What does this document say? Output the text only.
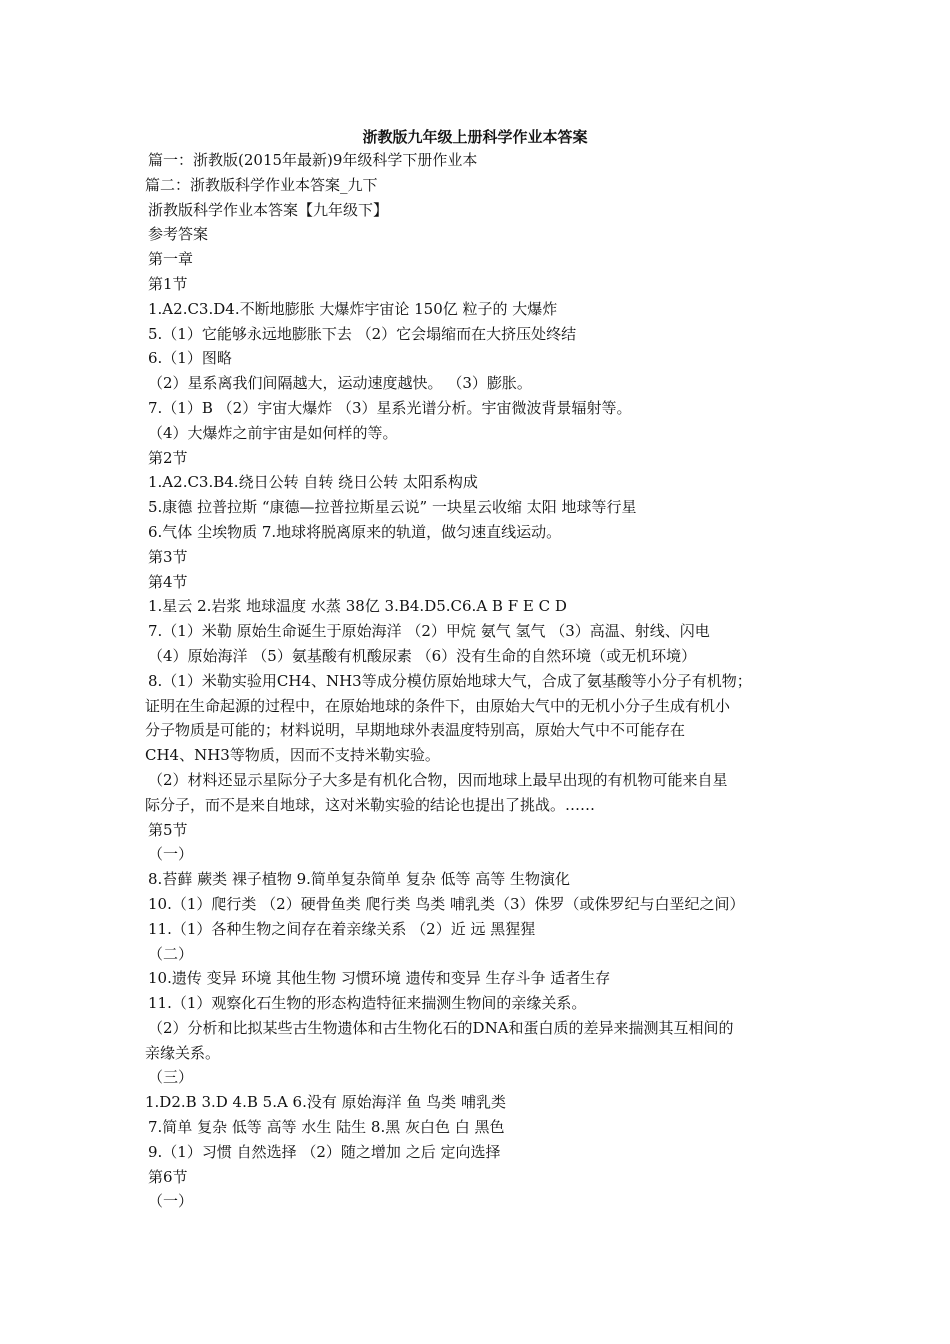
浙教版九年级上册科学作业本答案
篇一：浙教版(2015年最新)9年级科学下册作业本
篇二：浙教版科学作业本答案_九下
浙教版科学作业本答案【九年级下】
参考答案
第一章
第1节
1.A2.C3.D4.不断地膨胀 大爆炸宇宙论 150亿 粒子的 大爆炸
5.（1）它能够永远地膨胀下去 （2）它会塌缩而在大挤压处终结
6.（1）图略
（2）星系离我们间隔越大，运动速度越快。 （3）膨胀。
7.（1）B （2）宇宙大爆炸 （3）星系光谱分析。宇宙微波背景辐射等。
（4）大爆炸之前宇宙是如何样的等。
第2节
1.A2.C3.B4.绕日公转 自转 绕日公转 太阳系构成
5.康德 拉普拉斯 “康德—拉普拉斯星云说” 一块星云收缩 太阳 地球等行星
6.气体 尘埃物质 7.地球将脱离原来的轨道，做匀速直线运动。
第3节
第4节
1.星云 2.岩浆 地球温度 水蒸 38亿 3.B4.D5.C6.A B F E C D
7.（1）米勒 原始生命诞生于原始海洋 （2）甲烷 氨气 氢气 （3）高温、射线、闪电
（4）原始海洋 （5）氨基酸有机酸尿素 （6）没有生命的自然环境（或无机环境）
8.（1）米勒实验用CH4、NH3等成分模仿原始地球大气，合成了氨基酸等小分子有机物；
证明在生命起源的过程中，在原始地球的条件下，由原始大气中的无机小分子生成有机小
分子物质是可能的；材料说明，早期地球外表温度特别高，原始大气中不可能存在
CH4、NH3等物质，因而不支持米勒实验。
（2）材料还显示星际分子大多是有机化合物，因而地球上最早出现的有机物可能来自星
际分子，而不是来自地球，这对米勒实验的结论也提出了挑战。……
第5节
（一）
8.苔藓 蕨类 裸子植物 9.简单复杂简单 复杂 低等 高等 生物演化
10.（1）爬行类 （2）硬骨鱼类 爬行类 鸟类 哺乳类（3）侏罗（或侏罗纪与白垩纪之间）
11.（1）各种生物之间存在着亲缘关系 （2）近 远 黑猩猩
（二）
10.遗传 变异 环境 其他生物 习惯环境 遗传和变异 生存斗争 适者生存
11.（1）观察化石生物的形态构造特征来揣测生物间的亲缘关系。
（2）分析和比拟某些古生物遗体和古生物化石的DNA和蛋白质的差异来揣测其互相间的
亲缘关系。
（三）
1.D2.B 3.D 4.B 5.A 6.没有 原始海洋 鱼 鸟类 哺乳类
7.简单 复杂 低等 高等 水生 陆生 8.黑 灰白色 白 黑色
9.（1）习惯 自然选择 （2）随之增加 之后 定向选择
第6节
（一）
